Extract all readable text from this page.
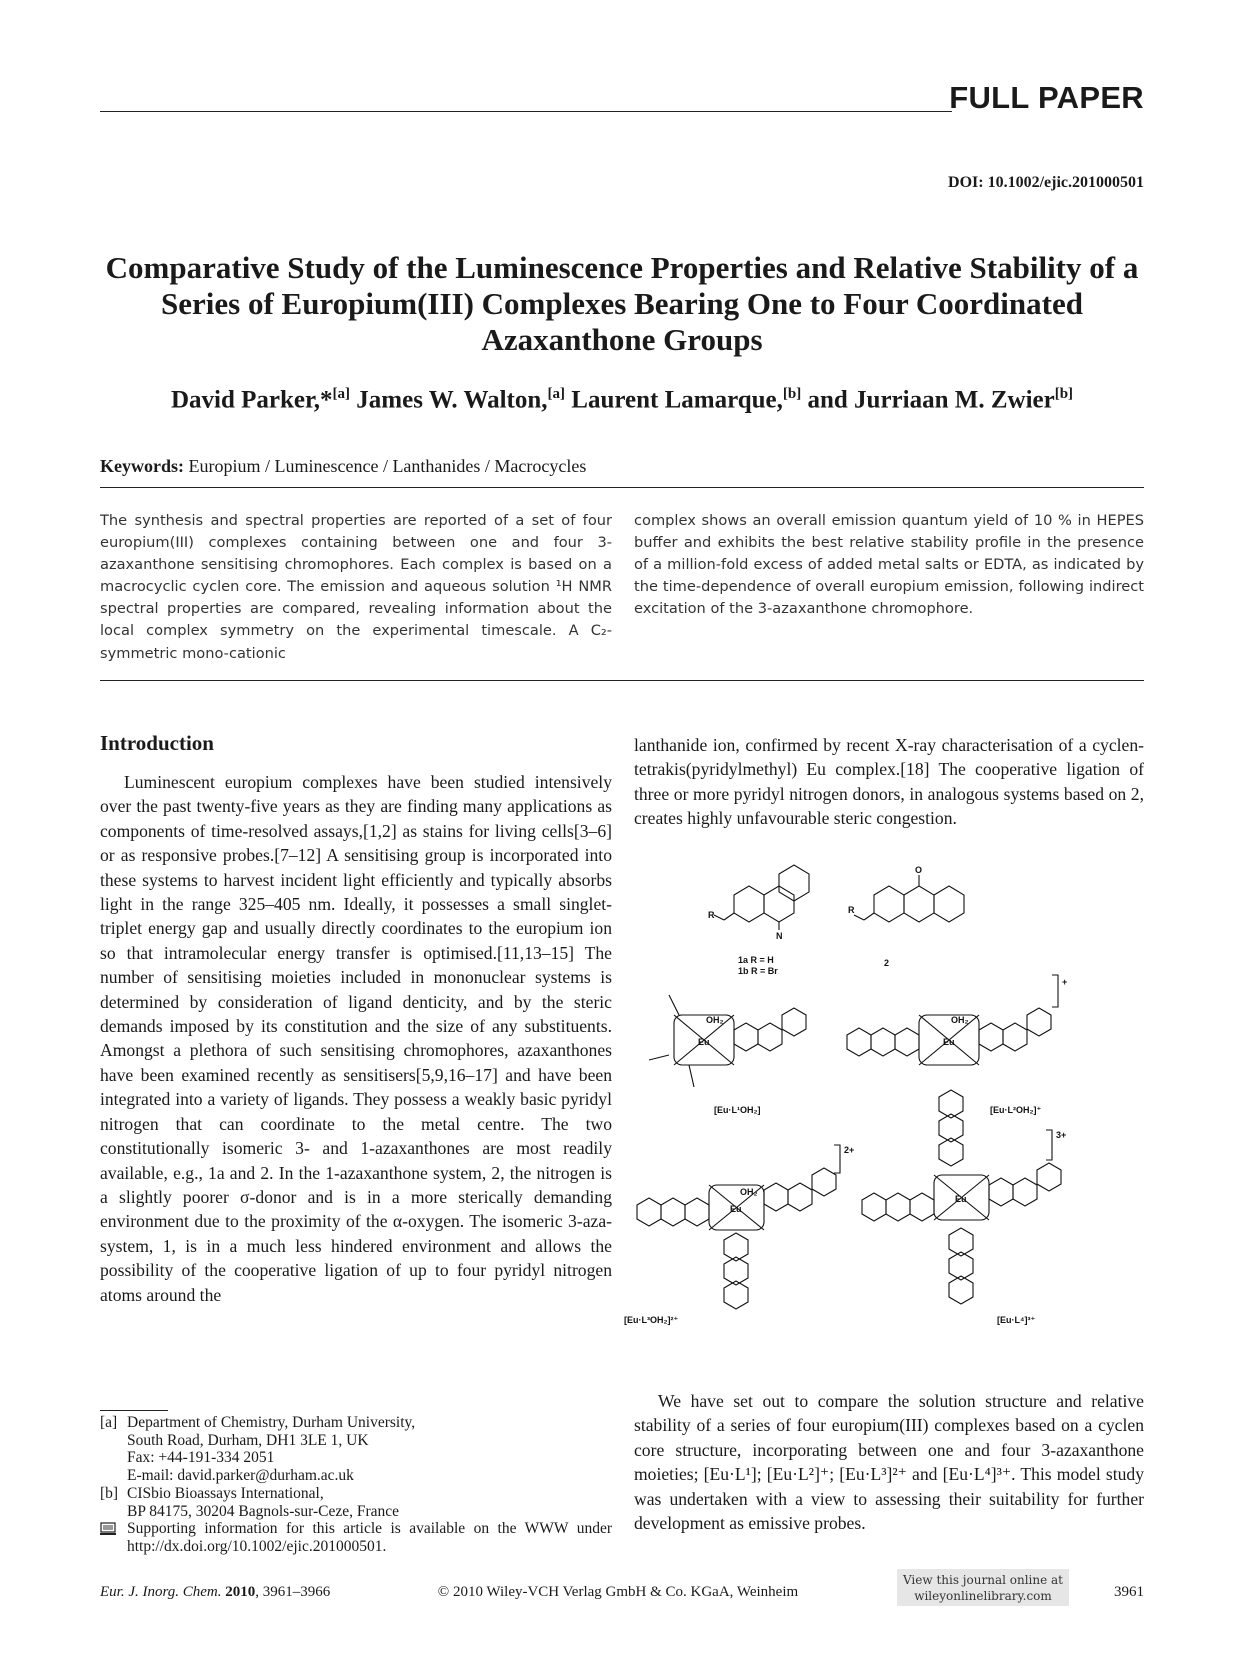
FULL PAPER
DOI: 10.1002/ejic.201000501
Comparative Study of the Luminescence Properties and Relative Stability of a Series of Europium(III) Complexes Bearing One to Four Coordinated Azaxanthone Groups
David Parker,*[a] James W. Walton,[a] Laurent Lamarque,[b] and Jurriaan M. Zwier[b]
Keywords: Europium / Luminescence / Lanthanides / Macrocycles
The synthesis and spectral properties are reported of a set of four europium(III) complexes containing between one and four 3-azaxanthone sensitising chromophores. Each complex is based on a macrocyclic cyclen core. The emission and aqueous solution ¹H NMR spectral properties are compared, revealing information about the local complex symmetry on the experimental timescale. A C₂-symmetric mono-cationic
complex shows an overall emission quantum yield of 10 % in HEPES buffer and exhibits the best relative stability profile in the presence of a million-fold excess of added metal salts or EDTA, as indicated by the time-dependence of overall europium emission, following indirect excitation of the 3-azaxanthone chromophore.
Introduction
Luminescent europium complexes have been studied intensively over the past twenty-five years as they are finding many applications as components of time-resolved assays,[1,2] as stains for living cells[3–6] or as responsive probes.[7–12] A sensitising group is incorporated into these systems to harvest incident light efficiently and typically absorbs light in the range 325–405 nm. Ideally, it possesses a small singlet-triplet energy gap and usually directly coordinates to the europium ion so that intramolecular energy transfer is optimised.[11,13–15] The number of sensitising moieties included in mononuclear systems is determined by consideration of ligand denticity, and by the steric demands imposed by its constitution and the size of any substituents. Amongst a plethora of such sensitising chromophores, azaxanthones have been examined recently as sensitisers[5,9,16–17] and have been integrated into a variety of ligands. They possess a weakly basic pyridyl nitrogen that can coordinate to the metal centre. The two constitutionally isomeric 3- and 1-azaxanthones are most readily available, e.g., 1a and 2. In the 1-azaxanthone system, 2, the nitrogen is a slightly poorer σ-donor and is in a more sterically demanding environment due to the proximity of the α-oxygen. The isomeric 3-aza-system, 1, is in a much less hindered environment and allows the possibility of the cooperative ligation of up to four pyridyl nitrogen atoms around the
lanthanide ion, confirmed by recent X-ray characterisation of a cyclen-tetrakis(pyridylmethyl) Eu complex.[18] The cooperative ligation of three or more pyridyl nitrogen donors, in analogous systems based on 2, creates highly unfavourable steric congestion.
R	R
N
O
1a R = H
1b R = Br
2
Eu	Eu
Eu
Eu
OH₂	OH₂
OH₂
[Eu·L¹OH₂]	[Eu·L²OH₂]⁺
[Eu·L³OH₂]²⁺	[Eu·L⁴]³⁺
+
2+
3+
We have set out to compare the solution structure and relative stability of a series of four europium(III) complexes based on a cyclen core structure, incorporating between one and four 3-azaxanthone moieties; [Eu·L¹]; [Eu·L²]⁺; [Eu·L³]²⁺ and [Eu·L⁴]³⁺. This model study was undertaken with a view to assessing their suitability for further development as emissive probes.
[a] Department of Chemistry, Durham University,
South Road, Durham, DH1 3LE 1, UK
Fax: +44-191-334 2051
E-mail: david.parker@durham.ac.uk
[b] CISbio Bioassays International,
BP 84175, 30204 Bagnols-sur-Ceze, France
Supporting information for this article is available on the WWW under http://dx.doi.org/10.1002/ejic.201000501.
View this journal online at
wileyonlinelibrary.com
Eur. J. Inorg. Chem. 2010, 3961–3966	© 2010 Wiley-VCH Verlag GmbH & Co. KGaA, Weinheim	3961
